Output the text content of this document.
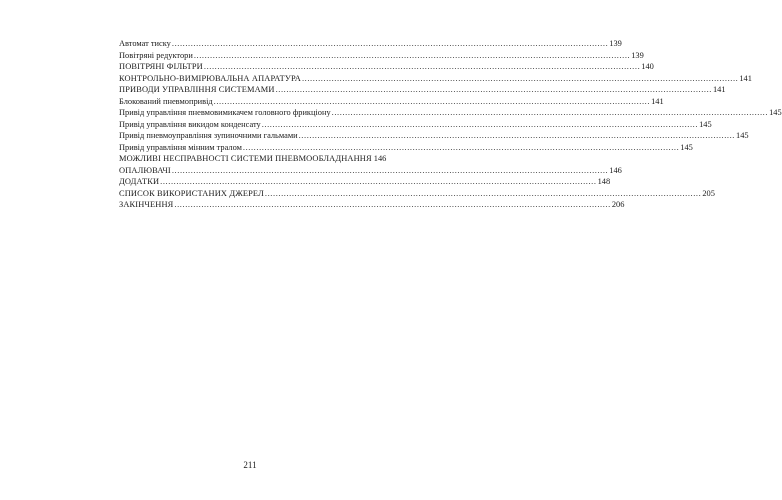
Автомат тиску .....	139
Повітряні редуктори .....	139
ПОВІТРЯНІ ФІЛЬТРИ .....	140
КОНТРОЛЬНО-ВИМІРЮВАЛЬНА АПАРАТУРА .....	141
ПРИВОДИ УПРАВЛІННЯ СИСТЕМАМИ .....	141
Блокований пневмопривід .....	141
Привід управління пневмовимикачем головного фрикціону .....	145
Привід управління викидом конденсату .....	145
Привід пневмоуправління зупиночними гальмами .....	145
Привід управління мінним тралом .....	145
МОЖЛИВІ НЕСПРАВНОСТІ СИСТЕМИ ПНЕВМООБЛАДНАННЯ 146
ОПАЛЮВАЧІ .....	146
ДОДАТКИ .....	148
СПИСОК ВИКОРИСТАНИХ ДЖЕРЕЛ .....	205
ЗАКІНЧЕННЯ .....	206
211
